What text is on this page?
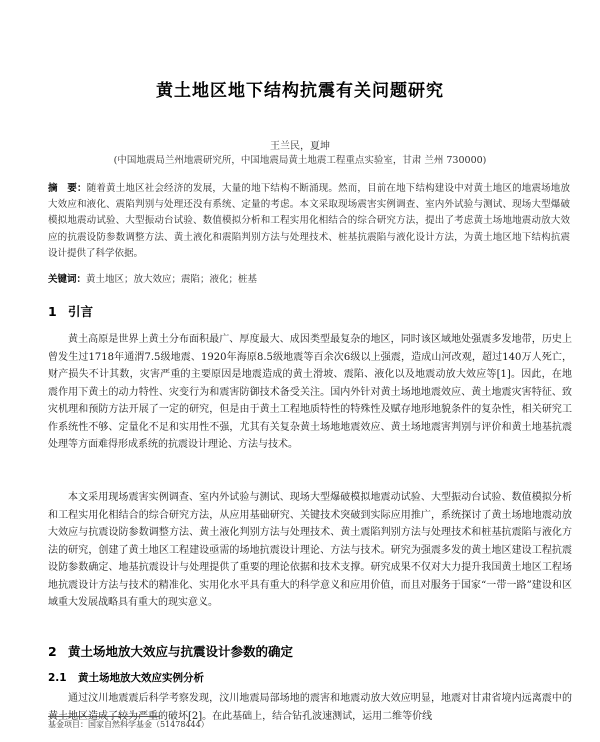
黄土地区地下结构抗震有关问题研究
王兰民，夏坤
(中国地震局兰州地震研究所，中国地震局黄土地震工程重点实验室，甘肃 兰州 730000)

摘　要：随着黄土地区社会经济的发展，大量的地下结构不断涌现。然而，目前在地下结构建设中对黄土地区的地震场地放大效应和液化、震陷判别与处理还没有系统、定量的考虑。本文采取现场震害实例调查、室内外试验与测试、现场大型爆破模拟地震动试验、大型振动台试验、数值模拟分析和工程实用化相结合的综合研究方法，提出了考虑黄土场地地震动放大效应的抗震设防参数调整方法、黄土液化和震陷判别方法与处理技术、桩基抗震陷与液化设计方法，为黄土地区地下结构抗震设计提供了科学依据。

关键词：黄土地区；放大效应；震陷；液化；桩基

1 引言

黄土高原是世界上黄土分布面积最广、厚度最大、成因类型最复杂的地区，同时该区域地处强震多发地带，历史上曾发生过1718年通渭7.5级地震、1920年海原8.5级地震等百余次6级以上强震，造成山河改观，超过140万人死亡，财产损失不计其数，灾害严重的主要原因是地震造成的黄土滑坡、震陷、液化以及地震动放大效应等[1]。因此，在地震作用下黄土的动力特性、灾变行为和震害防御技术备受关注。国内外针对黄土场地地震效应、黄土地震灾害特征、致灾机理和预防方法开展了一定的研究，但是由于黄土工程地质特性的特殊性及赋存地形地貌条件的复杂性，相关研究工作系统性不够、定量化不足和实用性不强，尤其有关复杂黄土场地地震效应、黄土场地震害判别与评价和黄土地基抗震处理等方面难得形成系统的抗震设计理论、方法与技术。

本文采用现场震害实例调查、室内外试验与测试、现场大型爆破模拟地震动试验、大型振动台试验、数值模拟分析和工程实用化相结合的综合研究方法，从应用基础研究、关键技术突破到实际应用推广，系统探讨了黄土场地地震动放大效应与抗震设防参数调整方法、黄土液化判别方法与处理技术、黄土震陷判别方法与处理技术和桩基抗震陷与液化方法的研究，创建了黄土地区工程建设亟需的场地抗震设计理论、方法与技术。研究为强震多发的黄土地区建设工程抗震设防参数确定、地基抗震设计与处理提供了重要的理论依据和技术支撑。研究成果不仅对大力提升我国黄土地区工程场地抗震设计方法与技术的精准化、实用化水平具有重大的科学意义和应用价值，而且对服务于国家“一带一路”建设和区域重大发展战略具有重大的现实意义。

2 黄土场地放大效应与抗震设计参数的确定
2.1 黄土场地放大效应实例分析

通过汶川地震震后科学考察发现，汶川地震局部场地的震害和地震动放大效应明显，地震对甘肃省境内远离震中的黄土地区造成了较为严重的破坏[2]。在此基础上，结合钻孔波速测试，运用二维等价线

基金项目：国家自然科学基金（51478444）
